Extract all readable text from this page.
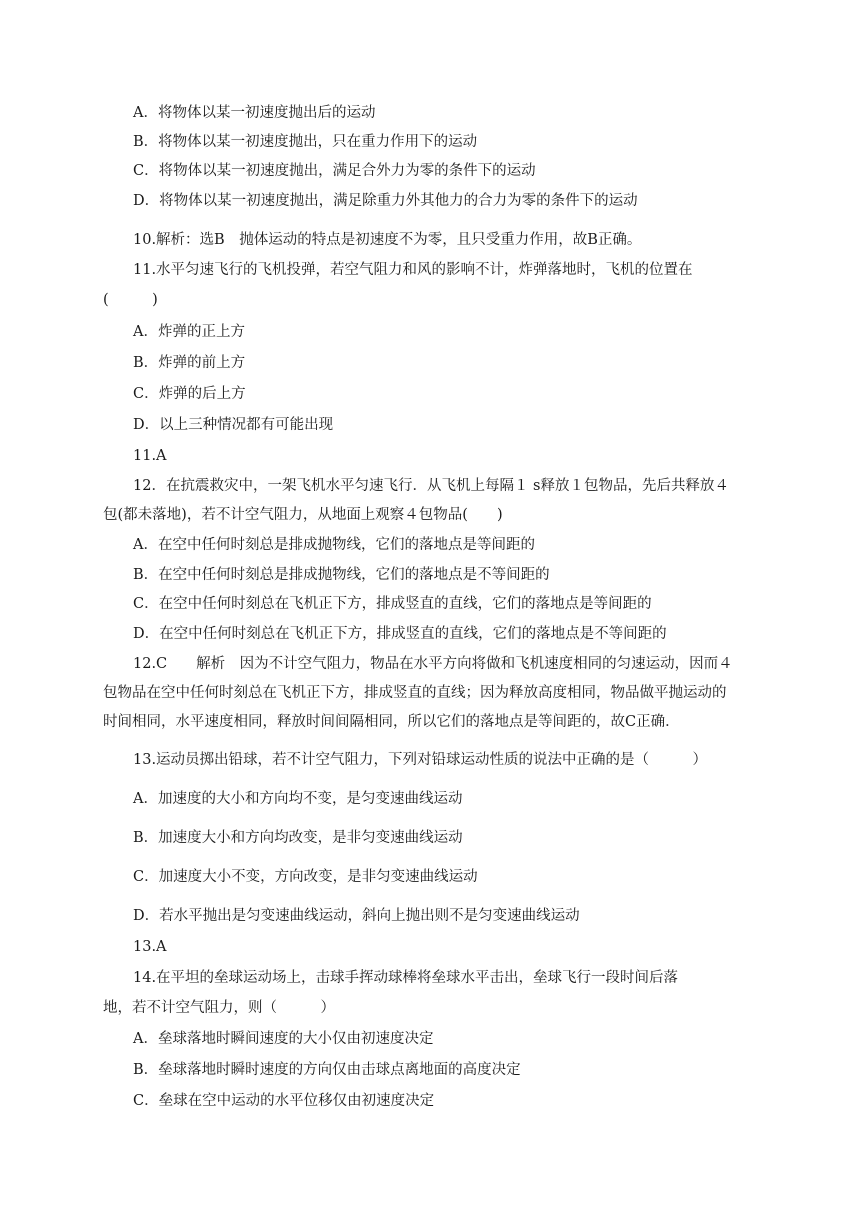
A．将物体以某一初速度抛出后的运动
B．将物体以某一初速度抛出，只在重力作用下的运动
C．将物体以某一初速度抛出，满足合外力为零的条件下的运动
D．将物体以某一初速度抛出，满足除重力外其他力的合力为零的条件下的运动
10.解析：选B　抛体运动的特点是初速度不为零，且只受重力作用，故B正确。
11.水平匀速飞行的飞机投弹，若空气阻力和风的影响不计，炸弹落地时，飞机的位置在
(　　　)
A．炸弹的正上方
B．炸弹的前上方
C．炸弹的后上方
D．以上三种情况都有可能出现
11.A
12．在抗震救灾中，一架飞机水平匀速飞行．从飞机上每隔１ s释放１包物品，先后共释放４
包(都未落地)，若不计空气阻力，从地面上观察４包物品(　　)
A．在空中任何时刻总是排成抛物线，它们的落地点是等间距的
B．在空中任何时刻总是排成抛物线，它们的落地点是不等间距的
C．在空中任何时刻总在飞机正下方，排成竖直的直线，它们的落地点是等间距的
D．在空中任何时刻总在飞机正下方，排成竖直的直线，它们的落地点是不等间距的
12.C　　解析　因为不计空气阻力，物品在水平方向将做和飞机速度相同的匀速运动，因而４
包物品在空中任何时刻总在飞机正下方，排成竖直的直线；因为释放高度相同，物品做平抛运动的
时间相同，水平速度相同，释放时间间隔相同，所以它们的落地点是等间距的，故C正确．
13.运动员掷出铅球，若不计空气阻力，下列对铅球运动性质的说法中正确的是（　　　）
A．加速度的大小和方向均不变，是匀变速曲线运动
B．加速度大小和方向均改变，是非匀变速曲线运动
C．加速度大小不变，方向改变，是非匀变速曲线运动
D．若水平抛出是匀变速曲线运动，斜向上抛出则不是匀变速曲线运动
13.A
14.在平坦的垒球运动场上，击球手挥动球棒将垒球水平击出，垒球飞行一段时间后落
地，若不计空气阻力，则（　　　）
A．垒球落地时瞬间速度的大小仅由初速度决定
B．垒球落地时瞬时速度的方向仅由击球点离地面的高度决定
C．垒球在空中运动的水平位移仅由初速度决定
